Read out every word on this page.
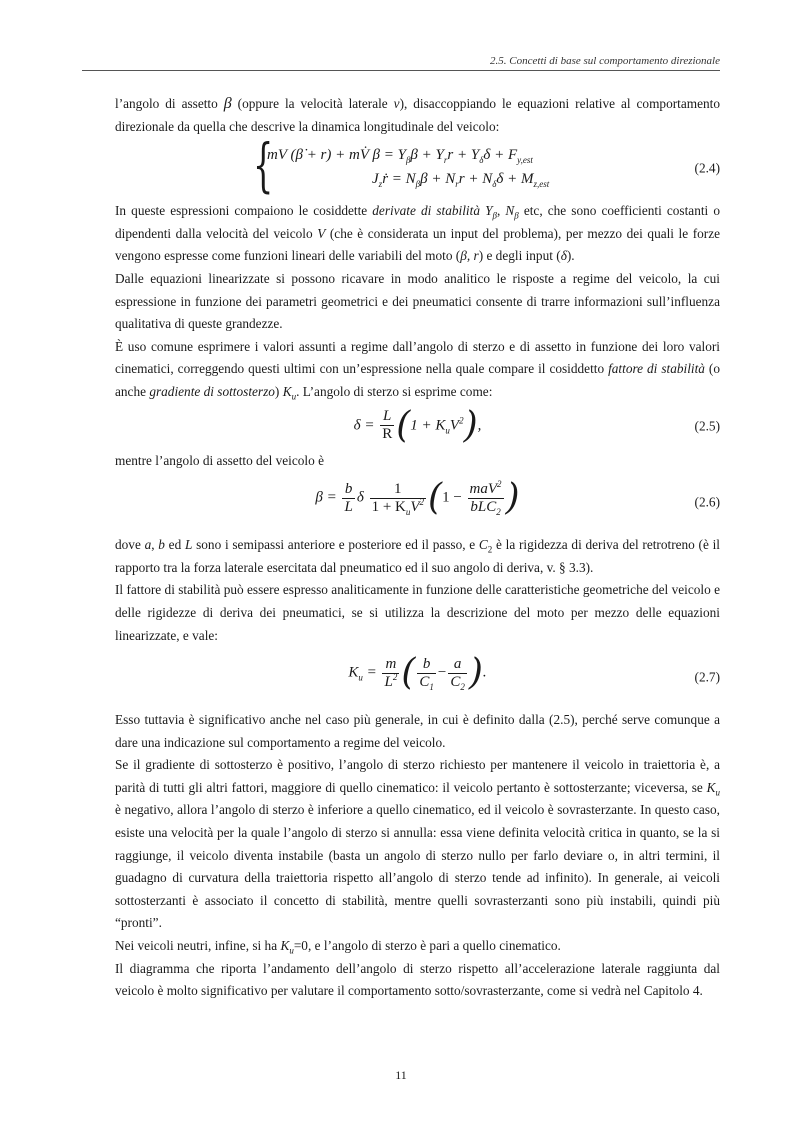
2.5. Concetti di base sul comportamento direzionale

l’angolo di assetto β (oppure la velocità laterale v), disaccoppiando le equazioni relative al comportamento direzionale da quella che descrive la dinamica longitudinale del veicolo:

{
mV (β̇ + r) + mV̇ $\beta = Y_\beta\beta + Y_rr + Y_\delta\delta + F_{y,est}$
$J_zṙ = N_\beta\beta + N_rr + N_\delta\delta + M_{z,est}$
(2.4)

In queste espressioni compaiono le cosiddette derivate di stabilità $Y_\beta$, $N_\beta$ etc, che sono coefficienti costanti o dipendenti dalla velocità del veicolo V (che è considerata un input del problema), per mezzo dei quali le forze vengono espresse come funzioni lineari delle variabili del moto (β, r) e degli input (δ).

Dalle equazioni linearizzate si possono ricavare in modo analitico le risposte a regime del veicolo, la cui espressione in funzione dei parametri geometrici e dei pneumatici consente di trarre informazioni sull’influenza qualitativa di queste grandezze.

È uso comune esprimere i valori assunti a regime dall’angolo di sterzo e di assetto in funzione dei loro valori cinematici, correggendo questi ultimi con un’espressione nella quale compare il cosiddetto fattore di stabilità (o anche gradiente di sottosterzo) $K_u$. L’angolo di sterzo si esprime come:

$\delta = \frac{L}{R} (1 + K_uV^2)$,	(2.5)

mentre l’angolo di assetto del veicolo è

$\beta = \frac{b}{L}$ δ $\frac{1}{1 + K_uV^2} (1 - \frac{maV^2}{bLC_2}$ )	(2.6)

dove a, b ed L sono i semipassi anteriore e posteriore ed il passo, e $C_2$ è la rigidezza di deriva del retrotreno (è il rapporto tra la forza laterale esercitata dal pneumatico ed il suo angolo di deriva, v. § 3.3).

Il fattore di stabilità può essere espresso analiticamente in funzione delle caratteristiche geometriche del veicolo e delle rigidezze di deriva dei pneumatici, se si utilizza la descrizione del moto per mezzo delle equazioni linearizzate, e vale:

$K_u = \frac{m}{L^2}$ ( $\frac{b}{C_1} - \frac{a}{C_2}$ ).	(2.7)

Esso tuttavia è significativo anche nel caso più generale, in cui è definito dalla (2.5), perché serve comunque a dare una indicazione sul comportamento a regime del veicolo.

Se il gradiente di sottosterzo è positivo, l’angolo di sterzo richiesto per mantenere il veicolo in traiettoria è, a parità di tutti gli altri fattori, maggiore di quello cinematico: il veicolo pertanto è sottosterzante; viceversa, se $K_u$ è negativo, allora l’angolo di sterzo è inferiore a quello cinematico, ed il veicolo è sovrasterzante. In questo caso, esiste una velocità per la quale l’angolo di sterzo si annulla: essa viene definita velocità critica in quanto, se la si raggiunge, il veicolo diventa instabile (basta un angolo di sterzo nullo per farlo deviare o, in altri termini, il guadagno di curvatura della traiettoria rispetto all’angolo di sterzo tende ad infinito). In generale, ai veicoli sottosterzanti è associato il concetto di stabilità, mentre quelli sovrasterzanti sono più instabili, quindi più “pronti”.

Nei veicoli neutri, infine, si ha $K_u=0$, e l’angolo di sterzo è pari a quello cinematico.

Il diagramma che riporta l’andamento dell’angolo di sterzo rispetto all’accelerazione laterale raggiunta dal veicolo è molto significativo per valutare il comportamento sotto/sovrasterzante, come si vedrà nel Capitolo 4.

11
